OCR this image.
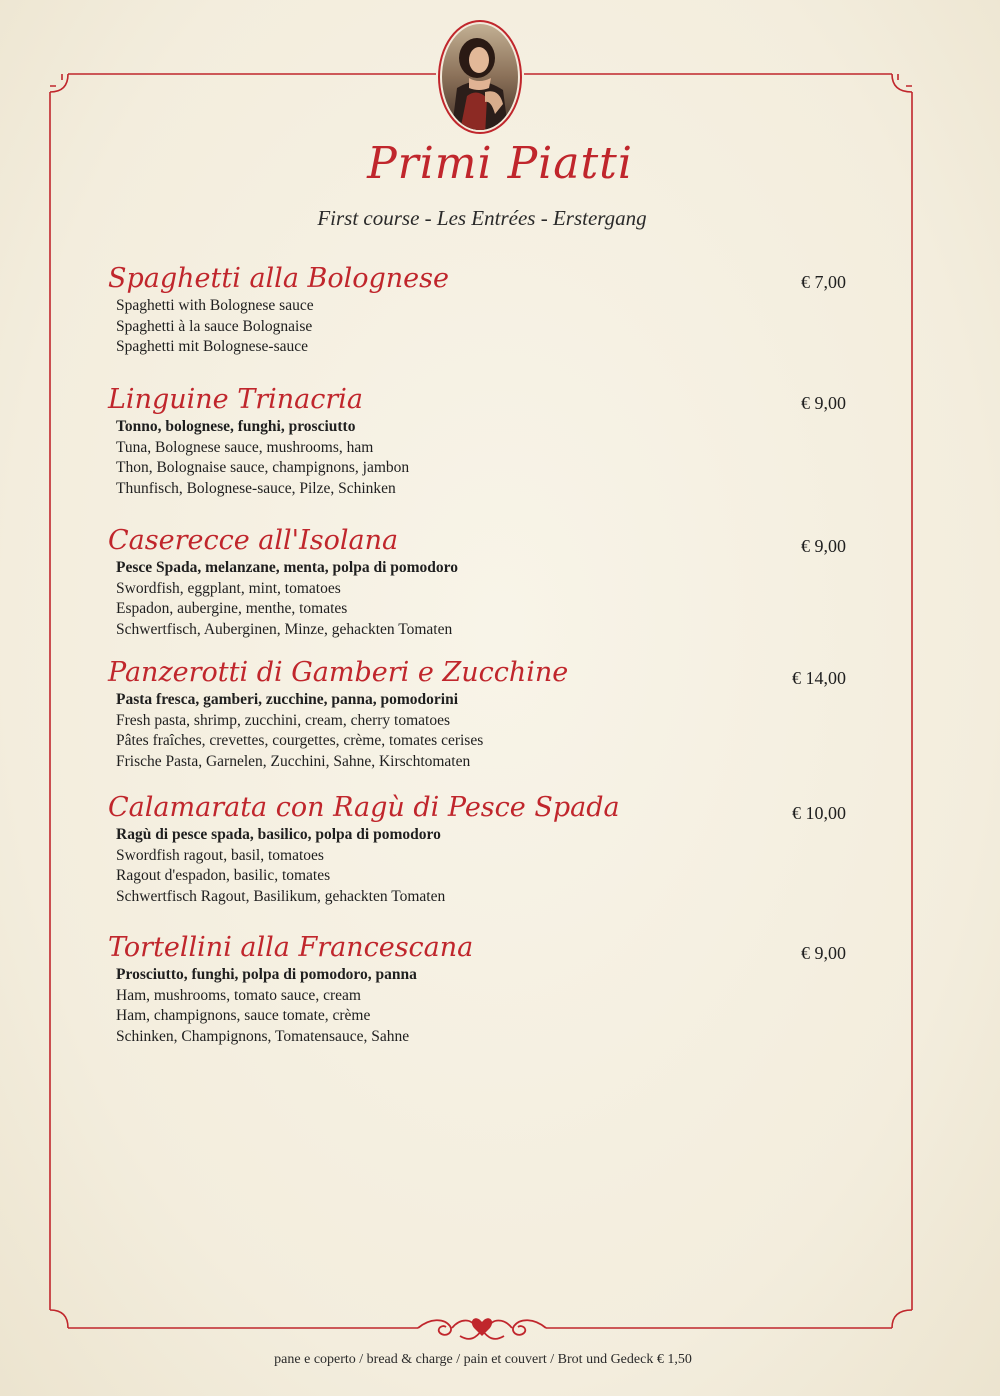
Primi Piatti
First course - Les Entrées - Erstergang
Spaghetti alla Bolognese	€ 7,00
Spaghetti with Bolognese sauce
Spaghetti à la sauce Bolognaise
Spaghetti mit Bolognese-sauce
Linguine Trinacria	€ 9,00
Tonno, bolognese, funghi, prosciutto
Tuna, Bolognese sauce, mushrooms, ham
Thon, Bolognaise sauce, champignons, jambon
Thunfisch, Bolognese-sauce, Pilze, Schinken
Caserecce all'Isolana	€ 9,00
Pesce Spada, melanzane, menta, polpa di pomodoro
Swordfish, eggplant, mint, tomatoes
Espadon, aubergine, menthe, tomates
Schwertfisch, Auberginen, Minze, gehackten Tomaten
Panzerotti di Gamberi e Zucchine	€ 14,00
Pasta fresca, gamberi, zucchine, panna, pomodorini
Fresh pasta, shrimp, zucchini, cream, cherry tomatoes
Pâtes fraîches, crevettes, courgettes, crème, tomates cerises
Frische Pasta, Garnelen, Zucchini, Sahne, Kirschtomaten
Calamarata con Ragù di Pesce Spada	€ 10,00
Ragù di pesce spada, basilico, polpa di pomodoro
Swordfish ragout, basil, tomatoes
Ragout d'espadon, basilic, tomates
Schwertfisch Ragout, Basilikum, gehackten Tomaten
Tortellini alla Francescana	€ 9,00
Prosciutto, funghi, polpa di pomodoro, panna
Ham, mushrooms, tomato sauce, cream
Ham, champignons, sauce tomate, crème
Schinken, Champignons, Tomatensauce, Sahne
pane e coperto / bread & charge / pain et couvert / Brot und Gedeck € 1,50
